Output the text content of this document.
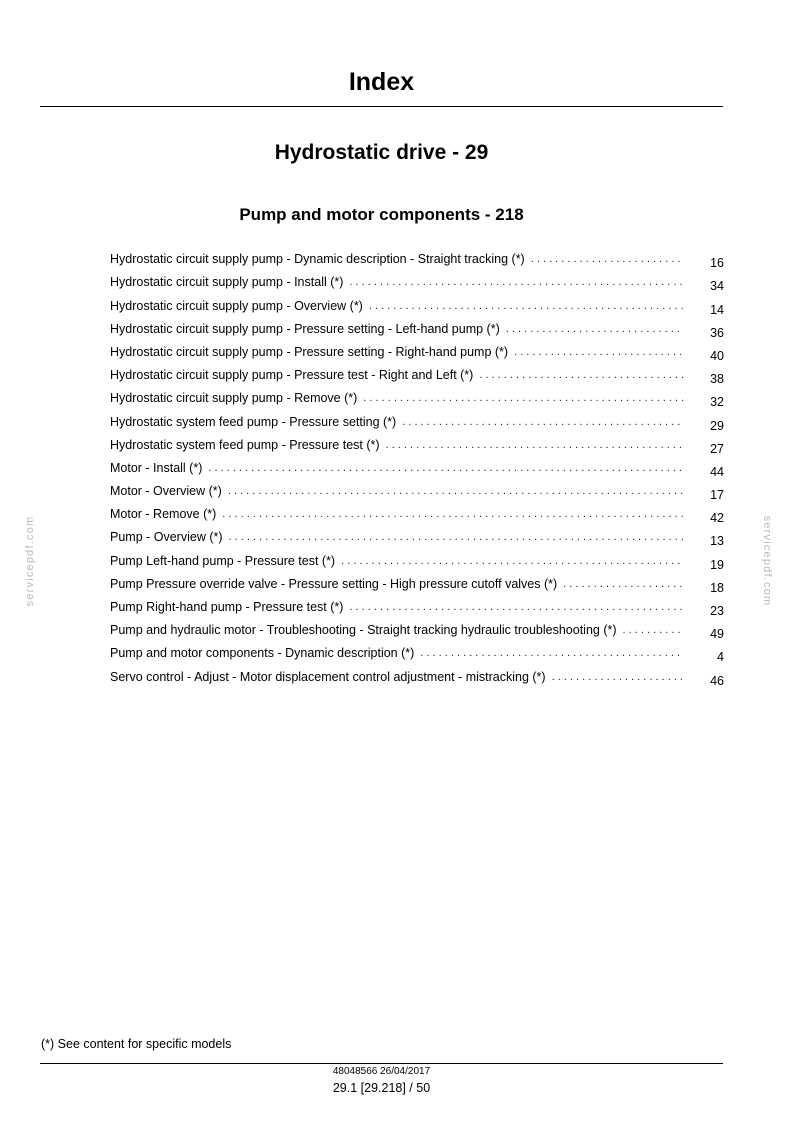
Index
Hydrostatic drive - 29
Pump and motor components - 218
Hydrostatic circuit supply pump - Dynamic description - Straight tracking (*) . . .	16
Hydrostatic circuit supply pump - Install (*) . . .	34
Hydrostatic circuit supply pump - Overview (*) . . .	14
Hydrostatic circuit supply pump - Pressure setting - Left-hand pump (*) . . .	36
Hydrostatic circuit supply pump - Pressure setting - Right-hand pump (*) . . .	40
Hydrostatic circuit supply pump - Pressure test - Right and Left (*) . . .	38
Hydrostatic circuit supply pump - Remove (*) . . .	32
Hydrostatic system feed pump - Pressure setting (*) . . .	29
Hydrostatic system feed pump - Pressure test (*) . . .	27
Motor - Install (*) . . .	44
Motor - Overview (*) . . .	17
Motor - Remove (*) . . .	42
Pump - Overview (*) . . .	13
Pump Left-hand pump - Pressure test (*) . . .	19
Pump Pressure override valve - Pressure setting - High pressure cutoff valves (*) . . .	18
Pump Right-hand pump - Pressure test (*) . . .	23
Pump and hydraulic motor - Troubleshooting - Straight tracking hydraulic troubleshooting (*) . . .	49
Pump and motor components - Dynamic description (*) . . .	4
Servo control - Adjust - Motor displacement control adjustment - mistracking (*) . . .	46
servicepdf.com	servicepdf.com
(*) See content for specific models
48048566 26/04/2017
29.1 [29.218] / 50
